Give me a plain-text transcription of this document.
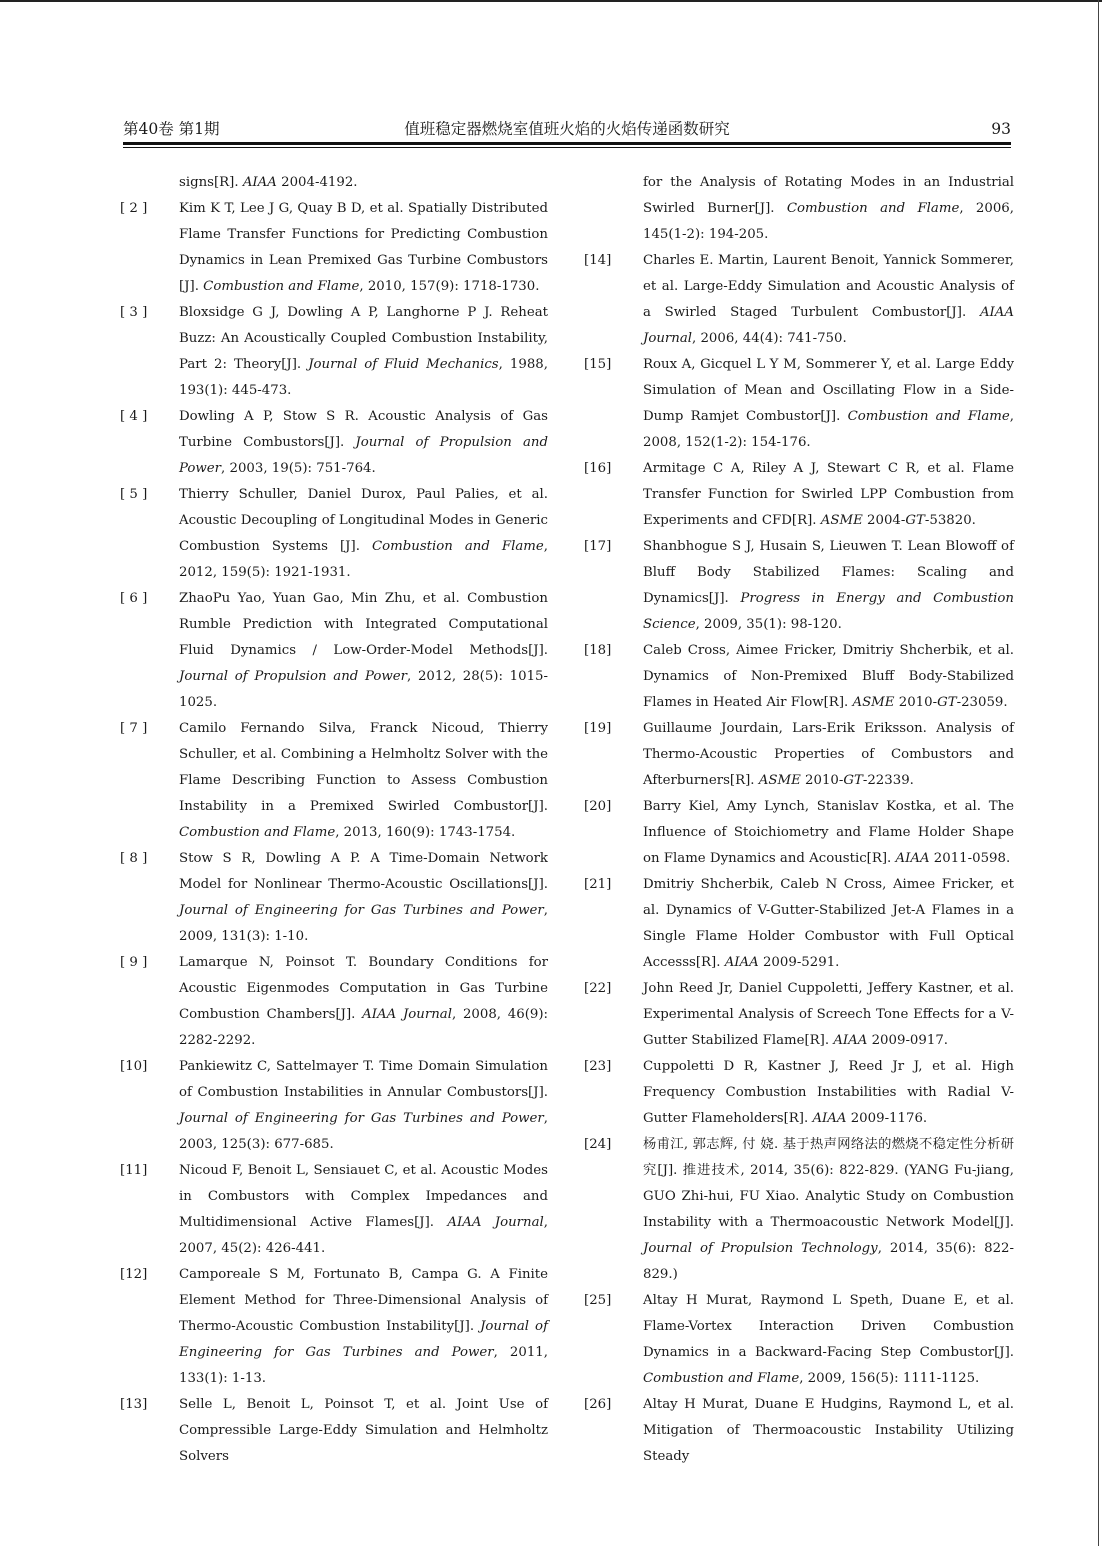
第40卷 第1期	值班稳定器燃烧室值班火焰的火焰传递函数研究	93
signs[R]. AIAA 2004-4192.
[ 2 ] Kim K T, Lee J G, Quay B D, et al. Spatially Distributed Flame Transfer Functions for Predicting Combustion Dynamics in Lean Premixed Gas Turbine Combustors [J]. Combustion and Flame, 2010, 157(9): 1718-1730.
[ 3 ] Bloxsidge G J, Dowling A P, Langhorne P J. Reheat Buzz: An Acoustically Coupled Combustion Instability, Part 2: Theory[J]. Journal of Fluid Mechanics, 1988, 193(1): 445-473.
[ 4 ] Dowling A P, Stow S R. Acoustic Analysis of Gas Turbine Combustors[J]. Journal of Propulsion and Power, 2003, 19(5): 751-764.
[ 5 ] Thierry Schuller, Daniel Durox, Paul Palies, et al. Acoustic Decoupling of Longitudinal Modes in Generic Combustion Systems [J]. Combustion and Flame, 2012, 159(5): 1921-1931.
[ 6 ] ZhaoPu Yao, Yuan Gao, Min Zhu, et al. Combustion Rumble Prediction with Integrated Computational Fluid Dynamics / Low-Order-Model Methods[J]. Journal of Propulsion and Power, 2012, 28(5): 1015-1025.
[ 7 ] Camilo Fernando Silva, Franck Nicoud, Thierry Schuller, et al. Combining a Helmholtz Solver with the Flame Describing Function to Assess Combustion Instability in a Premixed Swirled Combustor[J]. Combustion and Flame, 2013, 160(9): 1743-1754.
[ 8 ] Stow S R, Dowling A P. A Time-Domain Network Model for Nonlinear Thermo-Acoustic Oscillations[J]. Journal of Engineering for Gas Turbines and Power, 2009, 131(3): 1-10.
[ 9 ] Lamarque N, Poinsot T. Boundary Conditions for Acoustic Eigenmodes Computation in Gas Turbine Combustion Chambers[J]. AIAA Journal, 2008, 46(9): 2282-2292.
[10] Pankiewitz C, Sattelmayer T. Time Domain Simulation of Combustion Instabilities in Annular Combustors[J]. Journal of Engineering for Gas Turbines and Power, 2003, 125(3): 677-685.
[11] Nicoud F, Benoit L, Sensiauet C, et al. Acoustic Modes in Combustors with Complex Impedances and Multidimensional Active Flames[J]. AIAA Journal, 2007, 45(2): 426-441.
[12] Camporeale S M, Fortunato B, Campa G. A Finite Element Method for Three-Dimensional Analysis of Thermo-Acoustic Combustion Instability[J]. Journal of Engineering for Gas Turbines and Power, 2011, 133(1): 1-13.
[13] Selle L, Benoit L, Poinsot T, et al. Joint Use of Compressible Large-Eddy Simulation and Helmholtz Solvers
for the Analysis of Rotating Modes in an Industrial Swirled Burner[J]. Combustion and Flame, 2006, 145(1-2): 194-205.
[14] Charles E. Martin, Laurent Benoit, Yannick Sommerer, et al. Large-Eddy Simulation and Acoustic Analysis of a Swirled Staged Turbulent Combustor[J]. AIAA Journal, 2006, 44(4): 741-750.
[15] Roux A, Gicquel L Y M, Sommerer Y, et al. Large Eddy Simulation of Mean and Oscillating Flow in a Side-Dump Ramjet Combustor[J]. Combustion and Flame, 2008, 152(1-2): 154-176.
[16] Armitage C A, Riley A J, Stewart C R, et al. Flame Transfer Function for Swirled LPP Combustion from Experiments and CFD[R]. ASME 2004-GT-53820.
[17] Shanbhogue S J, Husain S, Lieuwen T. Lean Blowoff of Bluff Body Stabilized Flames: Scaling and Dynamics[J]. Progress in Energy and Combustion Science, 2009, 35(1): 98-120.
[18] Caleb Cross, Aimee Fricker, Dmitriy Shcherbik, et al. Dynamics of Non-Premixed Bluff Body-Stabilized Flames in Heated Air Flow[R]. ASME 2010-GT-23059.
[19] Guillaume Jourdain, Lars-Erik Eriksson. Analysis of Thermo-Acoustic Properties of Combustors and Afterburners[R]. ASME 2010-GT-22339.
[20] Barry Kiel, Amy Lynch, Stanislav Kostka, et al. The Influence of Stoichiometry and Flame Holder Shape on Flame Dynamics and Acoustic[R]. AIAA 2011-0598.
[21] Dmitriy Shcherbik, Caleb N Cross, Aimee Fricker, et al. Dynamics of V-Gutter-Stabilized Jet-A Flames in a Single Flame Holder Combustor with Full Optical Accesss[R]. AIAA 2009-5291.
[22] John Reed Jr, Daniel Cuppoletti, Jeffery Kastner, et al. Experimental Analysis of Screech Tone Effects for a V-Gutter Stabilized Flame[R]. AIAA 2009-0917.
[23] Cuppoletti D R, Kastner J, Reed Jr J, et al. High Frequency Combustion Instabilities with Radial V-Gutter Flameholders[R]. AIAA 2009-1176.
[24] 杨甫江, 郭志辉, 付 娆. 基于热声网络法的燃烧不稳定性分析研究[J]. 推进技术, 2014, 35(6): 822-829. (YANG Fu-jiang, GUO Zhi-hui, FU Xiao. Analytic Study on Combustion Instability with a Thermoacoustic Network Model[J]. Journal of Propulsion Technology, 2014, 35(6): 822-829.)
[25] Altay H Murat, Raymond L Speth, Duane E, et al. Flame-Vortex Interaction Driven Combustion Dynamics in a Backward-Facing Step Combustor[J]. Combustion and Flame, 2009, 156(5): 1111-1125.
[26] Altay H Murat, Duane E Hudgins, Raymond L, et al. Mitigation of Thermoacoustic Instability Utilizing Steady
